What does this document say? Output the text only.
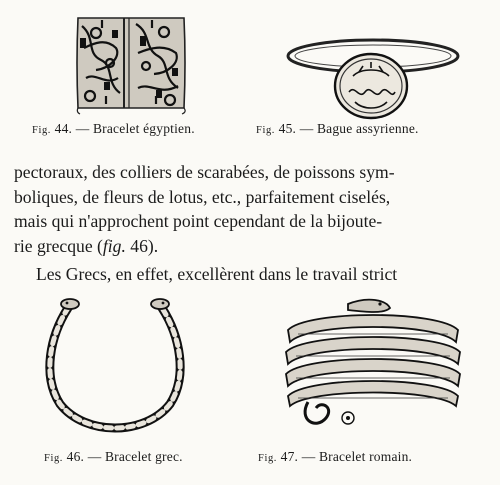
Fig. 44. — Bracelet égyptien.	Fig. 45. — Bague assyrienne.
pectoraux, des colliers de scarabées, de poissons sym-
boliques, de fleurs de lotus, etc., parfaitement ciselés,
mais qui n'approchent point cependant de la bijoute-
rie grecque (fig. 46).
Les Grecs, en effet, excellèrent dans le travail strict
Fig. 46. — Bracelet grec.	Fig. 47. — Bracelet romain.
